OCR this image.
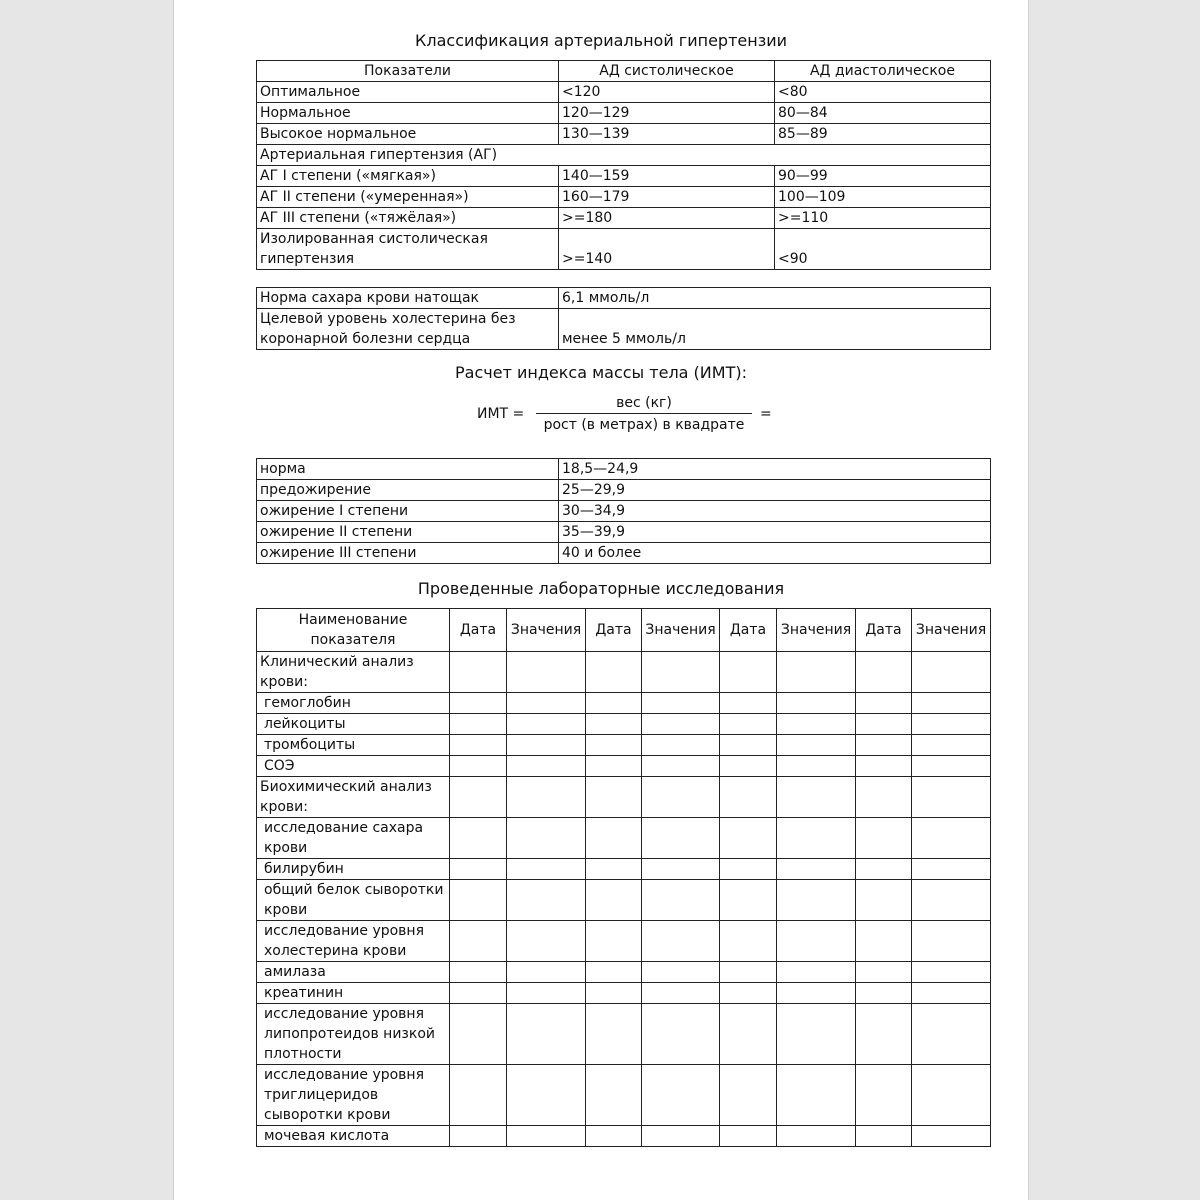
Классификация артериальной гипертензии
Показатели	АД систолическое	АД диастолическое
Оптимальное	<120	<80
Нормальное	120—129	80—84
Высокое нормальное	130—139	85—89
Артериальная гипертензия (АГ)		
АГ I степени («мягкая»)	140—159	90—99
АГ II степени («умеренная»)	160—179	100—109
АГ III степени («тяжёлая»)	>=180	>=110
Изолированная систолическая гипертензия	>=140	<90
Норма сахара крови натощак	6,1 ммоль/л
Целевой уровень холестерина без коронарной болезни сердца	менее 5 ммоль/л
Расчет индекса массы тела (ИМТ):
ИМТ =
вес (кг)
рост (в метрах) в квадрате
=
норма	18,5—24,9
предожирение	25—29,9
ожирение I степени	30—34,9
ожирение II степени	35—39,9
ожирение III степени	40 и более
Проведенные лабораторные исследования
Наименование показателя	Дата	Значения	Дата	Значения	Дата	Значения	Дата	Значения
Клинический анализ крови:								
гемоглобин								
лейкоциты								
тромбоциты								
СОЭ								
Биохимический анализ крови:								
исследование сахара крови								
билирубин								
общий белок сыворотки крови								
исследование уровня холестерина крови								
амилаза								
креатинин								
исследование уровня липопротеидов низкой плотности								
исследование уровня триглицеридов сыворотки крови								
мочевая кислота								
